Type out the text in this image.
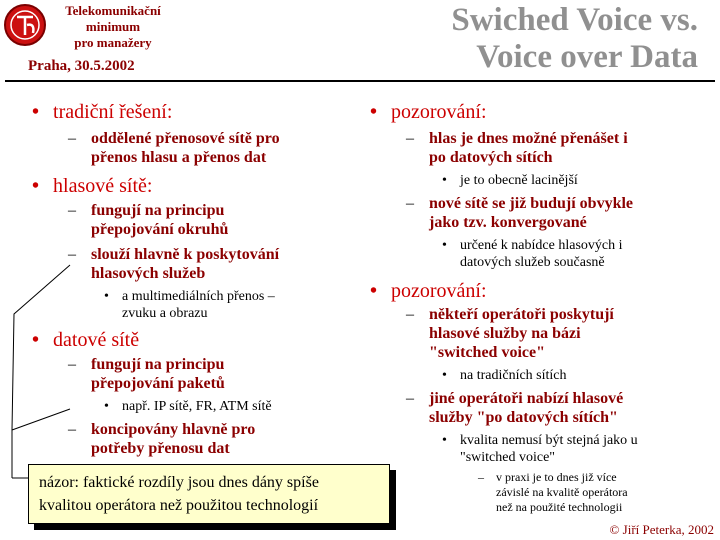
Telekomunikační
minimum
pro manažery
Praha, 30.5.2002
Swiched Voice vs.
Voice over Data
• tradiční řešení:
– oddělené přenosové sítě pro
přenos hlasu a přenos dat
• hlasové sítě:
– fungují na principu
přepojování okruhů
– slouží hlavně k poskytování
hlasových služeb
• a multimediálních přenos –
zvuku a obrazu
• datové sítě
– fungují na principu
přepojování paketů
• např. IP sítě, FR, ATM sítě
– koncipovány hlavně pro
potřeby přenosu dat
• pozorování:
– hlas je dnes možné přenášet i
po datových sítích
• je to obecně lacinější
– nové sítě se již budují obvykle
jako tzv. konvergované
• určené k nabídce hlasových i
datových služeb současně
• pozorování:
– někteří operátoři poskytují
hlasové služby na bázi
"switched voice"
• na tradičních sítích
– jiné operátoři nabízí hlasové
služby "po datových sítích"
• kvalita nemusí být stejná jako u
"switched voice"
– v praxi je to dnes již více
závislé na kvalitě operátora
než na použité technologii
názor: faktické rozdíly jsou dnes dány spíše
kvalitou operátora než použitou technologií
© Jiří Peterka, 2002
